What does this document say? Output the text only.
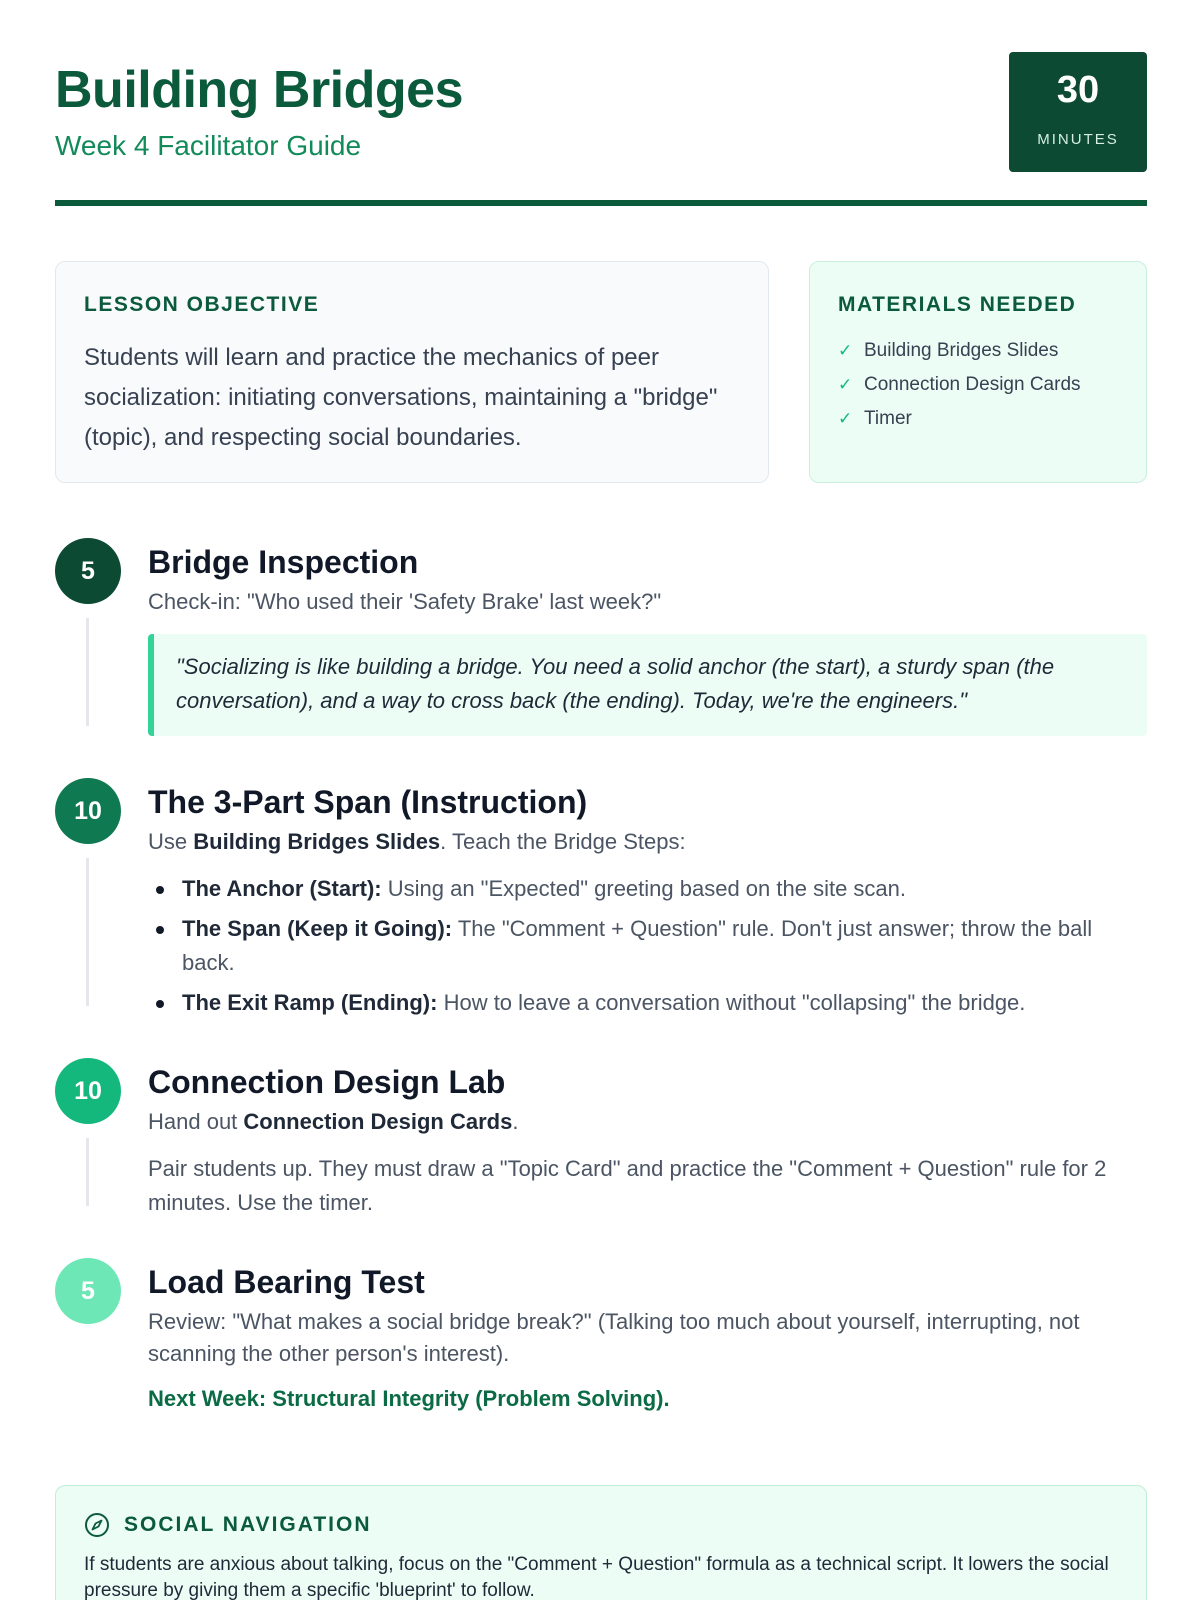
Building Bridges
Week 4 Facilitator Guide
30
MINUTES
LESSON OBJECTIVE
Students will learn and practice the mechanics of peer socialization: initiating conversations, maintaining a "bridge" (topic), and respecting social boundaries.
MATERIALS NEEDED
✓ Building Bridges Slides
✓ Connection Design Cards
✓ Timer
5	Bridge Inspection
Check-in: "Who used their 'Safety Brake' last week?"
"Socializing is like building a bridge. You need a solid anchor (the start), a sturdy span (the conversation), and a way to cross back (the ending). Today, we're the engineers."
10	The 3-Part Span (Instruction)
Use Building Bridges Slides. Teach the Bridge Steps:
The Anchor (Start): Using an "Expected" greeting based on the site scan.
The Span (Keep it Going): The "Comment + Question" rule. Don't just answer; throw the ball back.
The Exit Ramp (Ending): How to leave a conversation without "collapsing" the bridge.
10	Connection Design Lab
Hand out Connection Design Cards.
Pair students up. They must draw a "Topic Card" and practice the "Comment + Question" rule for 2 minutes. Use the timer.
5	Load Bearing Test
Review: "What makes a social bridge break?" (Talking too much about yourself, interrupting, not scanning the other person's interest).
Next Week: Structural Integrity (Problem Solving).
SOCIAL NAVIGATION
If students are anxious about talking, focus on the "Comment + Question" formula as a technical script. It lowers the social pressure by giving them a specific 'blueprint' to follow.
